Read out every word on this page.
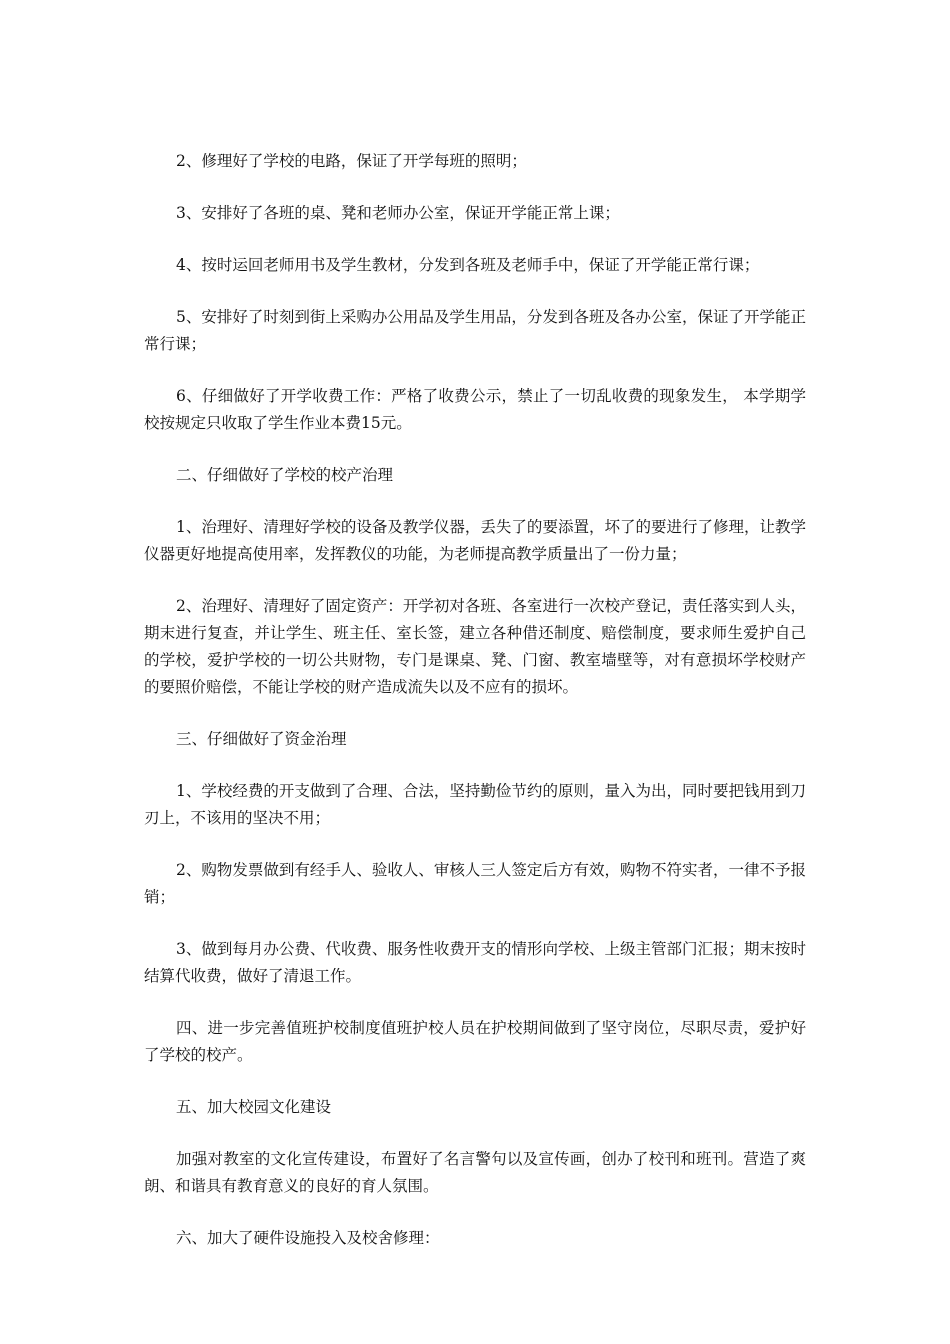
2、修理好了学校的电路，保证了开学每班的照明；

3、安排好了各班的桌、凳和老师办公室，保证开学能正常上课；

4、按时运回老师用书及学生教材，分发到各班及老师手中，保证了开学能正常行课；

5、安排好了时刻到街上采购办公用品及学生用品，分发到各班及各办公室，保证了开学能正常行课；

6、仔细做好了开学收费工作：严格了收费公示，禁止了一切乱收费的现象发生， 本学期学校按规定只收取了学生作业本费15元。

二、仔细做好了学校的校产治理

1、治理好、清理好学校的设备及教学仪器，丢失了的要添置，坏了的要进行了修理，让教学仪器更好地提高使用率，发挥教仪的功能，为老师提高教学质量出了一份力量；

2、治理好、清理好了固定资产：开学初对各班、各室进行一次校产登记，责任落实到人头，期末进行复查，并让学生、班主任、室长签，建立各种借还制度、赔偿制度，要求师生爱护自己的学校，爱护学校的一切公共财物，专门是课桌、凳、门窗、教室墙壁等，对有意损坏学校财产的要照价赔偿，不能让学校的财产造成流失以及不应有的损坏。

三、仔细做好了资金治理

1、学校经费的开支做到了合理、合法，坚持勤俭节约的原则，量入为出，同时要把钱用到刀刃上，不该用的坚决不用；

2、购物发票做到有经手人、验收人、审核人三人签定后方有效，购物不符实者，一律不予报销；

3、做到每月办公费、代收费、服务性收费开支的情形向学校、上级主管部门汇报；期末按时结算代收费，做好了清退工作。

四、进一步完善值班护校制度值班护校人员在护校期间做到了坚守岗位，尽职尽责，爱护好了学校的校产。

五、加大校园文化建设

加强对教室的文化宣传建设，布置好了名言警句以及宣传画，创办了校刊和班刊。营造了爽朗、和谐具有教育意义的良好的育人氛围。

六、加大了硬件设施投入及校舍修理：
